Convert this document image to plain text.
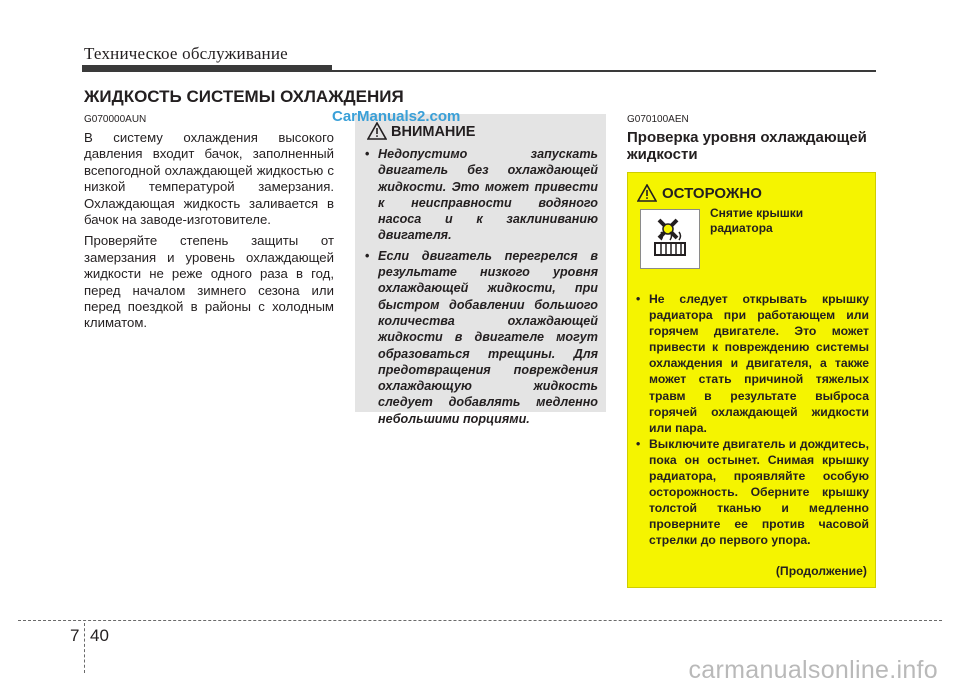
Техническое обслуживание
ЖИДКОСТЬ СИСТЕМЫ ОХЛАЖДЕНИЯ
G070000AUN

В систему охлаждения высокого давления входит бачок, заполненный всепогодной охлаждающей жидкостью с низкой температурой замерзания. Охлаждающая жидкость заливается в бачок на заводе-изготовителе.

Проверяйте степень защиты от замерзания и уровень охлаждающей жидкости не реже одного раза в год, перед началом зимнего сезона или перед поездкой в районы с холодным климатом.

ВНИМАНИЕ
• Недопустимо запускать двигатель без охлаждающей жидкости. Это может привести к неисправности водяного насоса и к заклиниванию двигателя.
• Если двигатель перегрелся в результате низкого уровня охлаждающей жидкости, при быстром добавлении большого количества охлаждающей жидкости в двигателе могут образоваться трещины. Для предотвращения повреждения охлаждающую жидкость следует добавлять медленно небольшими порциями.
CarManuals2.com	G070100AEN
Проверка уровня охлаждающей жидкости
ОСТОРОЖНО
Снятие крышки радиатора
• Не следует открывать крышку радиатора при работающем или горячем двигателе. Это может привести к повреждению системы охлаждения и двигателя, а также может стать причиной тяжелых травм в результате выброса горячей охлаждающей жидкости или пара.
• Выключите двигатель и дождитесь, пока он остынет. Снимая крышку радиатора, проявляйте особую осторожность. Оберните крышку толстой тканью и медленно проверните ее против часовой стрелки до первого упора.
(Продолжение)
7 40
carmanualsonline.info
